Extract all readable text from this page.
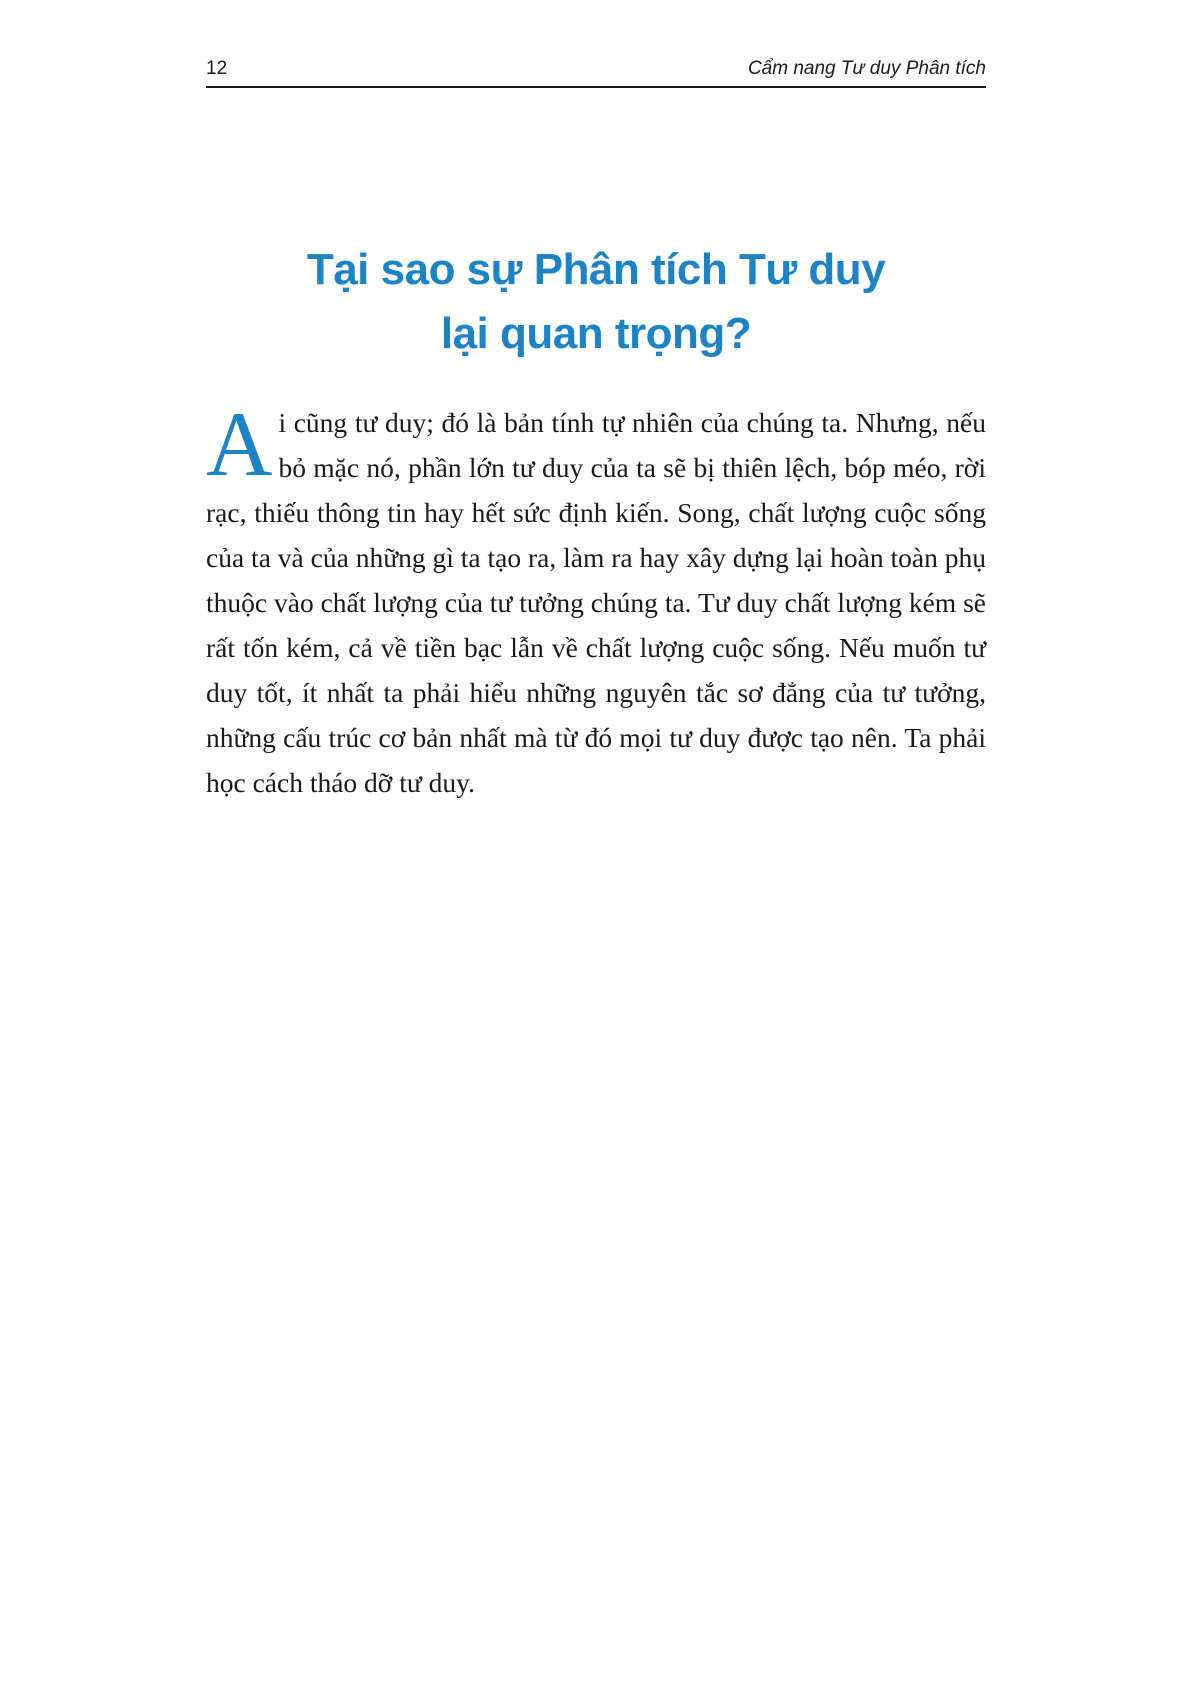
12	Cẩm nang Tư duy Phân tích
Tại sao sự Phân tích Tư duy
lại quan trọng?

Ai cũng tư duy; đó là bản tính tự nhiên của chúng ta. Nhưng, nếu bỏ mặc nó, phần lớn tư duy của ta sẽ bị thiên lệch, bóp méo, rời rạc, thiếu thông tin hay hết sức định kiến. Song, chất lượng cuộc sống của ta và của những gì ta tạo ra, làm ra hay xây dựng lại hoàn toàn phụ thuộc vào chất lượng của tư tưởng chúng ta. Tư duy chất lượng kém sẽ rất tốn kém, cả về tiền bạc lẫn về chất lượng cuộc sống. Nếu muốn tư duy tốt, ít nhất ta phải hiểu những nguyên tắc sơ đẳng của tư tưởng, những cấu trúc cơ bản nhất mà từ đó mọi tư duy được tạo nên. Ta phải học cách tháo dỡ tư duy.
